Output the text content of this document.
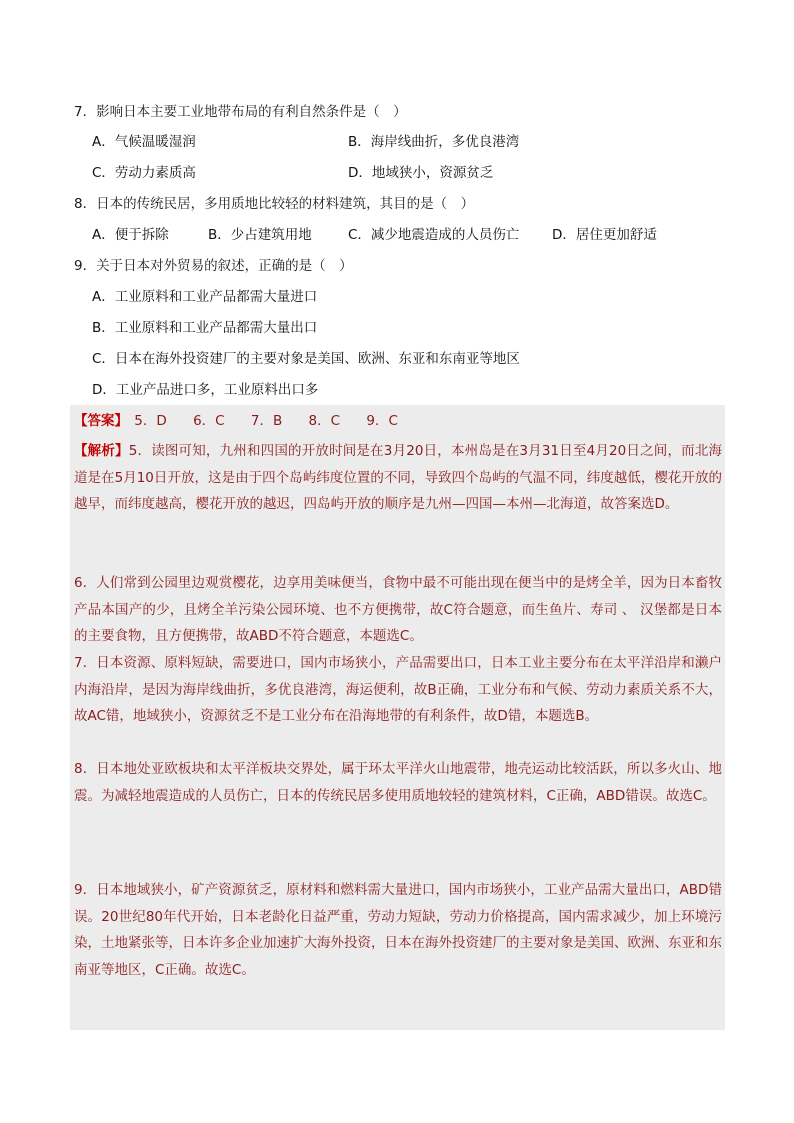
7．影响日本主要工业地带布局的有利自然条件是（　）
A．气候温暖湿润	B．海岸线曲折，多优良港湾
C．劳动力素质高	D．地域狭小，资源贫乏
8．日本的传统民居，多用质地比较轻的材料建筑，其目的是（　）
A．便于拆除	B．少占建筑用地	C．减少地震造成的人员伤亡 D．居住更加舒适
9．关于日本对外贸易的叙述，正确的是（　）
A．工业原料和工业产品都需大量进口
B．工业原料和工业产品都需大量出口
C．日本在海外投资建厂的主要对象是美国、欧洲、东亚和东南亚等地区
D．工业产品进口多，工业原料出口多
【答案】 5．D 6．C 7．B 8．C 9．C
【解析】5．读图可知，九州和四国的开放时间是在3月20日，本州岛是在3月31日至4月20日之间，而北海道是在5月10日开放，这是由于四个岛屿纬度位置的不同，导致四个岛屿的气温不同，纬度越低，樱花开放的越早，而纬度越高，樱花开放的越迟，四岛屿开放的顺序是九州—四国—本州—北海道，故答案选D。
6．人们常到公园里边观赏樱花，边享用美味便当，食物中最不可能出现在便当中的是烤全羊，因为日本畜牧产品本国产的少，且烤全羊污染公园环境、也不方便携带，故C符合题意，而生鱼片、寿司 、 汉堡都是日本的主要食物，且方便携带，故ABD不符合题意，本题选C。
7．日本资源、原料短缺，需要进口，国内市场狭小，产品需要出口，日本工业主要分布在太平洋沿岸和濑户内海沿岸，是因为海岸线曲折，多优良港湾，海运便利，故B正确，工业分布和气候、劳动力素质关系不大，故AC错，地域狭小，资源贫乏不是工业分布在沿海地带的有利条件，故D错，本题选B。
8．日本地处亚欧板块和太平洋板块交界处，属于环太平洋火山地震带，地壳运动比较活跃，所以多火山、地震。为减轻地震造成的人员伤亡，日本的传统民居多使用质地较轻的建筑材料，C正确，ABD错误。故选C。
9．日本地域狭小，矿产资源贫乏，原材料和燃料需大量进口，国内市场狭小，工业产品需大量出口，ABD错误。20世纪80年代开始，日本老龄化日益严重，劳动力短缺，劳动力价格提高，国内需求减少，加上环境污染，土地紧张等，日本许多企业加速扩大海外投资，日本在海外投资建厂的主要对象是美国、欧洲、东亚和东南亚等地区，C正确。故选C。
